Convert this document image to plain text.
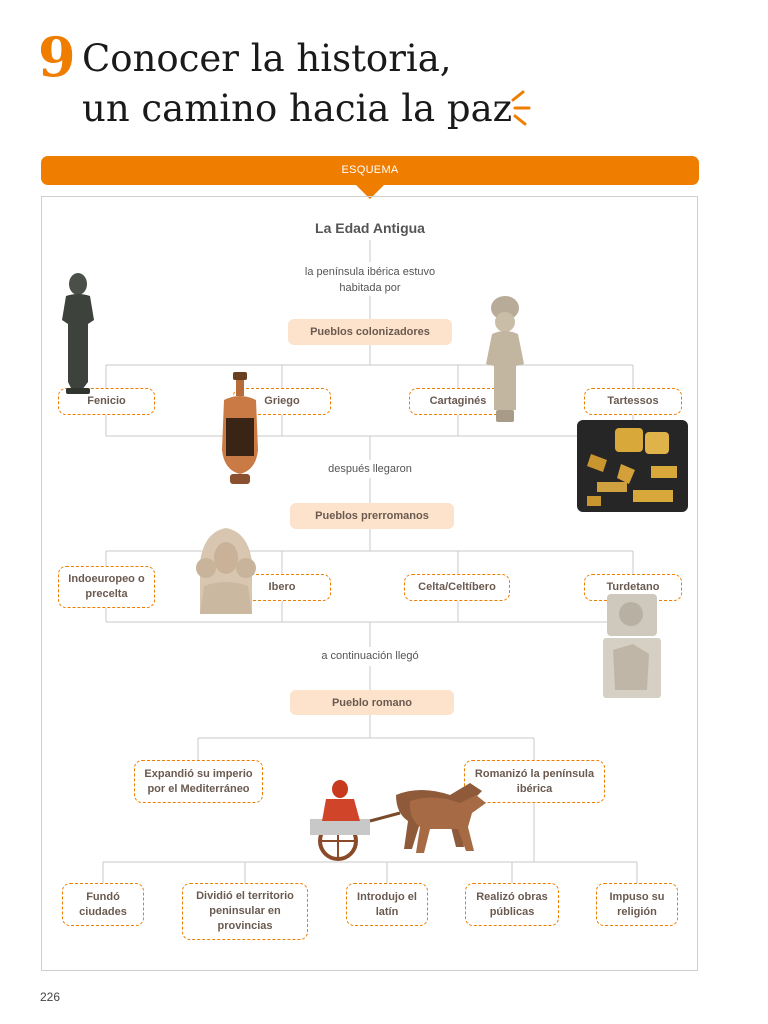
9 Conocer la historia,
un camino hacia la paz
ESQUEMA
La Edad Antigua
la península ibérica estuvo habitada por
después llegaron
a continuación llegó
Pueblos colonizadores
Pueblos prerromanos
Pueblo romano
Fenicio	Griego	Cartaginés	Tartessos
Indoeuropeo o precelta
Ibero	Celta/Celtíbero	Turdetano
Expandió su imperio por el Mediterráneo
Romanizó la península ibérica
Fundó ciudades
Dividió el territorio peninsular en provincias
Introdujo el latín
Realizó obras públicas
Impuso su religión
226
